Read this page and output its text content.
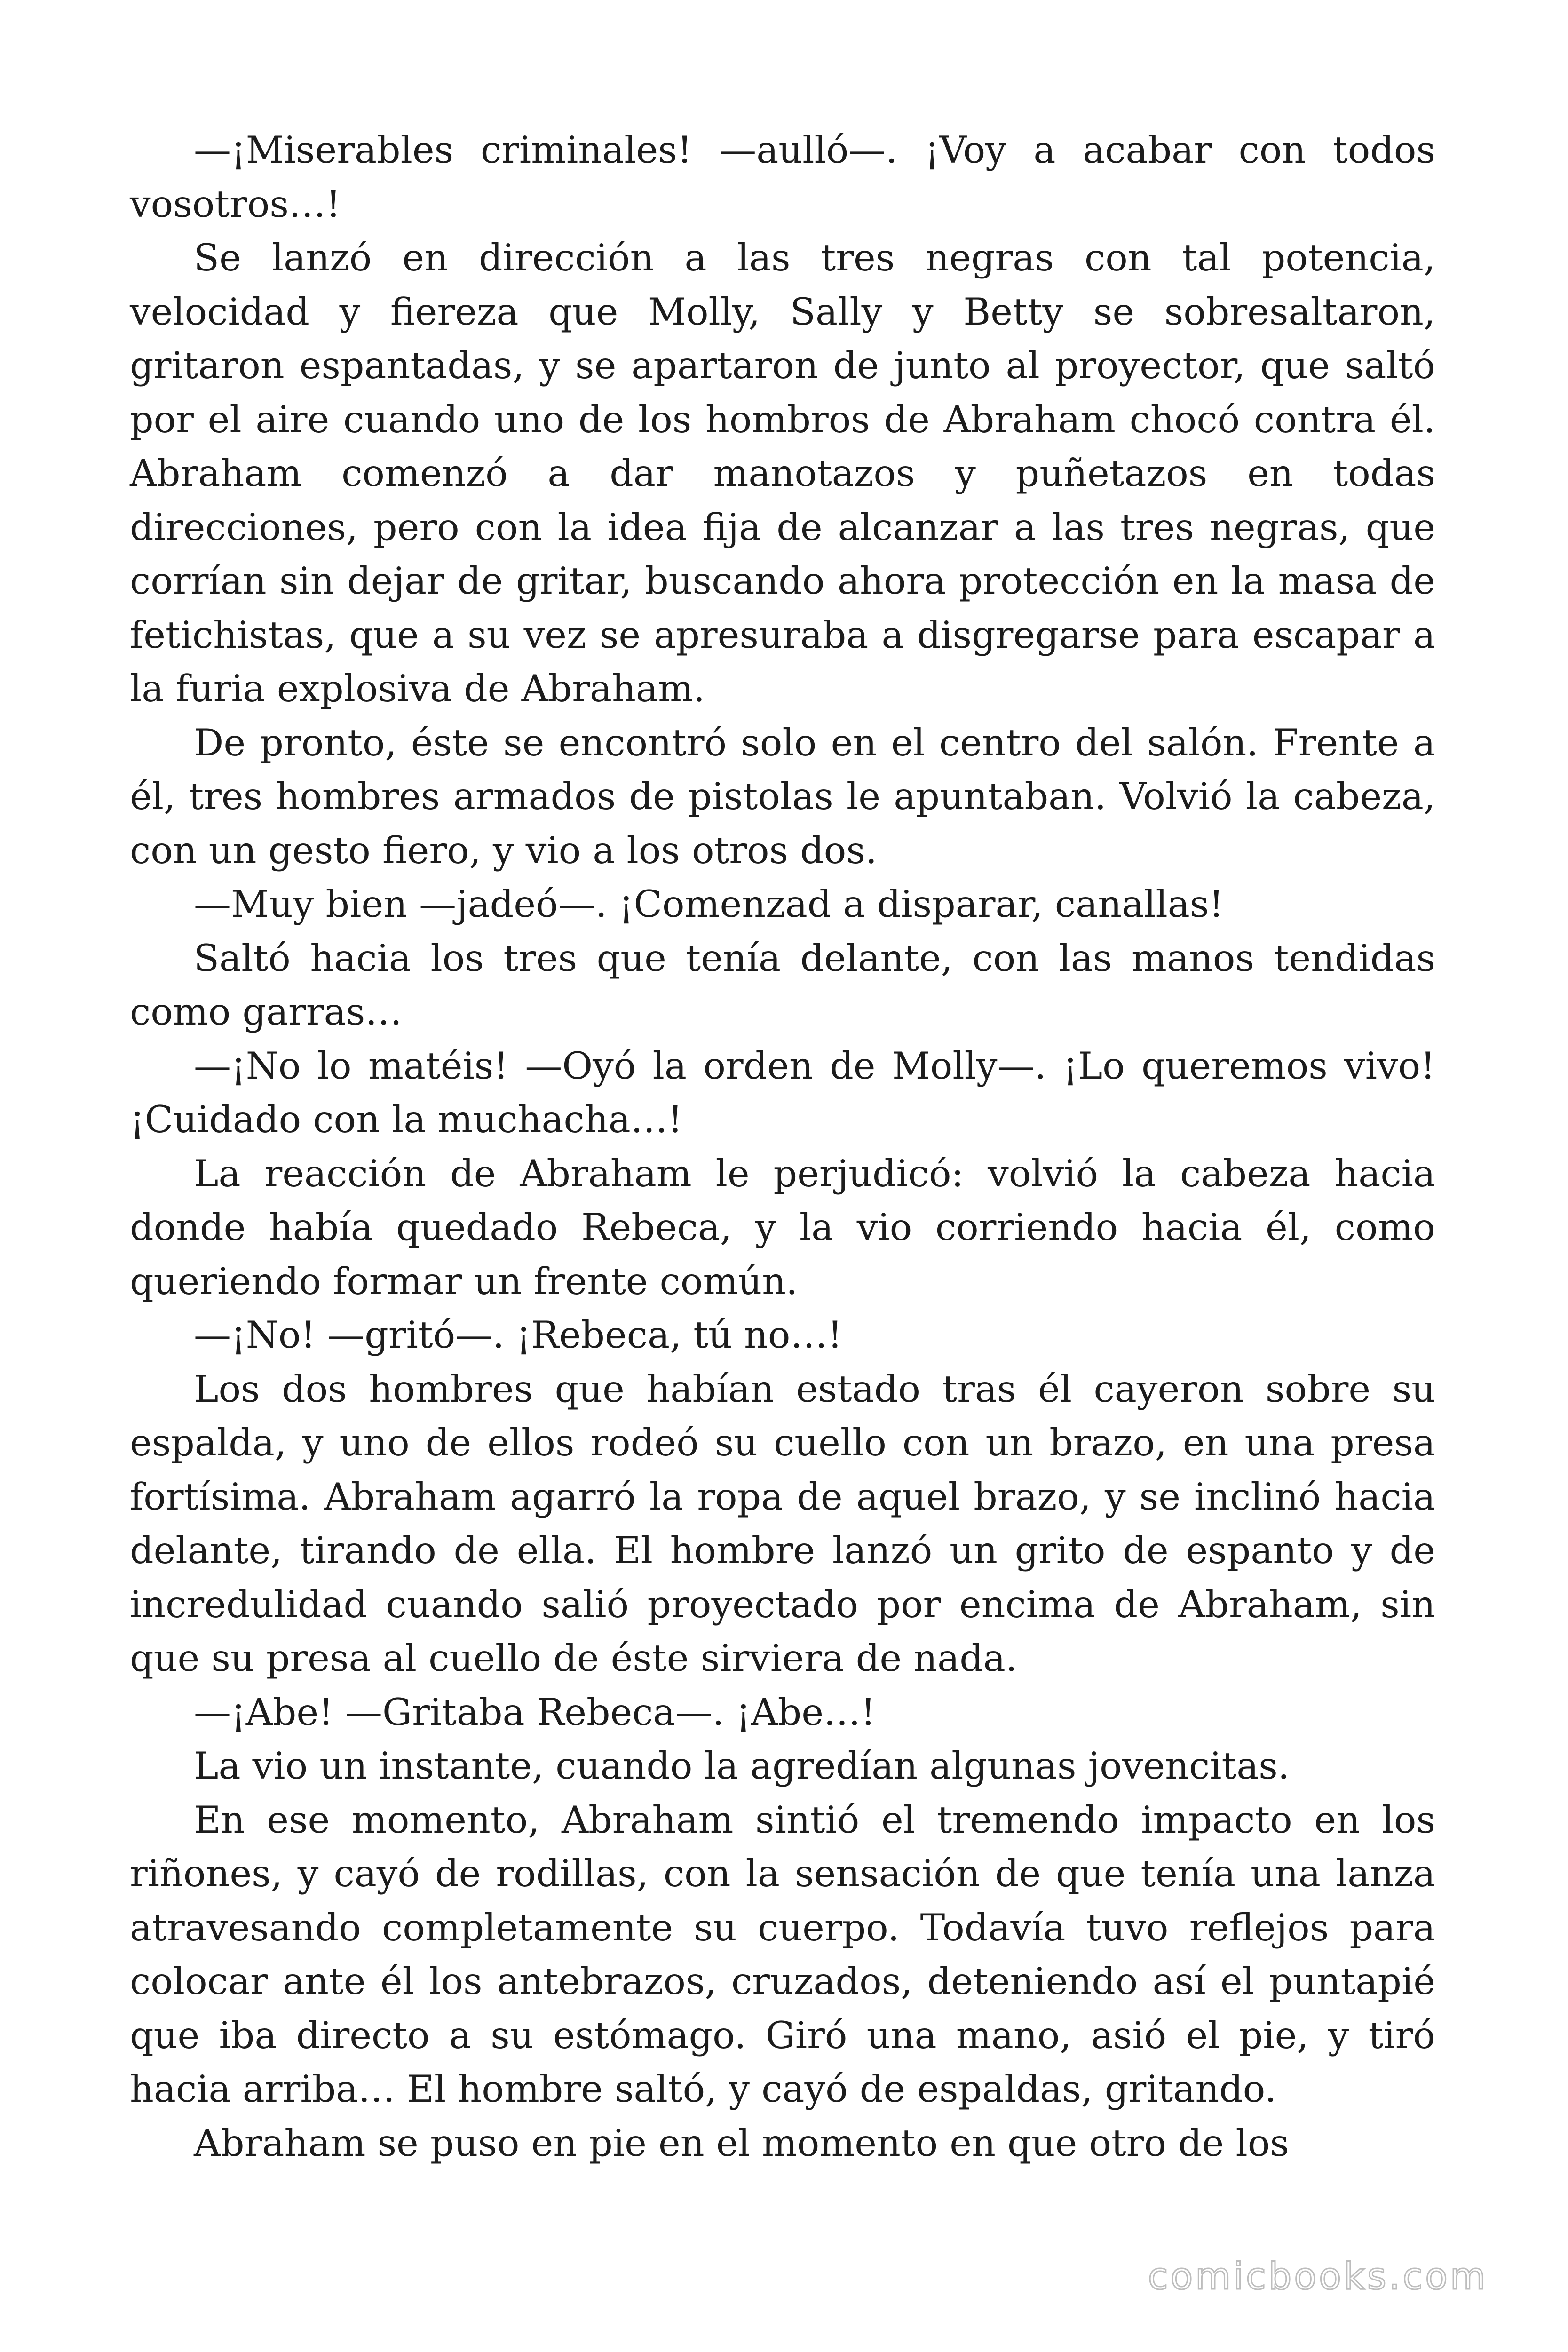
—¡Miserables criminales! —aulló—. ¡Voy a acabar con todos vosotros…!

Se lanzó en dirección a las tres negras con tal potencia, velocidad y fiereza que Molly, Sally y Betty se sobresaltaron, gritaron espantadas, y se apartaron de junto al proyector, que saltó por el aire cuando uno de los hombros de Abraham chocó contra él. Abraham comenzó a dar manotazos y puñetazos en todas direcciones, pero con la idea fija de alcanzar a las tres negras, que corrían sin dejar de gritar, buscando ahora protección en la masa de fetichistas, que a su vez se apresuraba a disgregarse para escapar a la furia explosiva de Abraham.

De pronto, éste se encontró solo en el centro del salón. Frente a él, tres hombres armados de pistolas le apuntaban. Volvió la cabeza, con un gesto fiero, y vio a los otros dos.

—Muy bien —jadeó—. ¡Comenzad a disparar, canallas!

Saltó hacia los tres que tenía delante, con las manos tendidas como garras…

—¡No lo matéis! —Oyó la orden de Molly—. ¡Lo queremos vivo! ¡Cuidado con la muchacha…!

La reacción de Abraham le perjudicó: volvió la cabeza hacia donde había quedado Rebeca, y la vio corriendo hacia él, como queriendo formar un frente común.

—¡No! —gritó—. ¡Rebeca, tú no…!

Los dos hombres que habían estado tras él cayeron sobre su espalda, y uno de ellos rodeó su cuello con un brazo, en una presa fortísima. Abraham agarró la ropa de aquel brazo, y se inclinó hacia delante, tirando de ella. El hombre lanzó un grito de espanto y de incredulidad cuando salió proyectado por encima de Abraham, sin que su presa al cuello de éste sirviera de nada.

—¡Abe! —Gritaba Rebeca—. ¡Abe…!

La vio un instante, cuando la agredían algunas jovencitas.

En ese momento, Abraham sintió el tremendo impacto en los riñones, y cayó de rodillas, con la sensación de que tenía una lanza atravesando completamente su cuerpo. Todavía tuvo reflejos para colocar ante él los antebrazos, cruzados, deteniendo así el puntapié que iba directo a su estómago. Giró una mano, asió el pie, y tiró hacia arriba… El hombre saltó, y cayó de espaldas, gritando.

Abraham se puso en pie en el momento en que otro de los

comicbooks.com
